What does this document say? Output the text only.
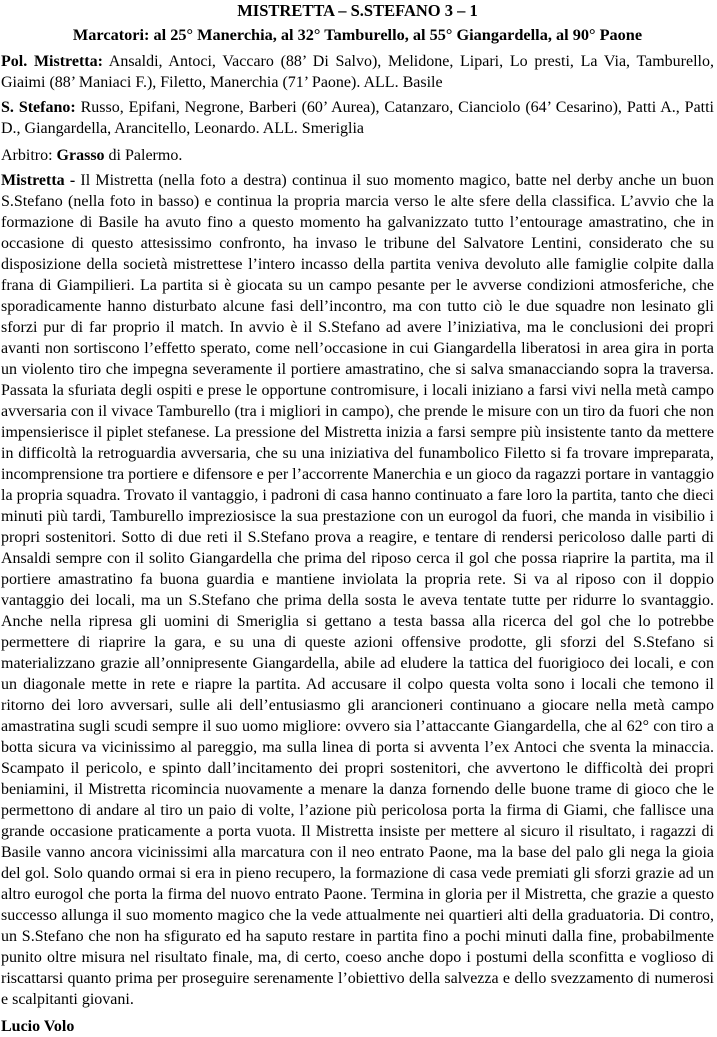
MISTRETTA – S.STEFANO 3 – 1
Marcatori: al 25° Manerchia, al 32° Tamburello, al 55° Giangardella, al 90° Paone

Pol. Mistretta: Ansaldi, Antoci, Vaccaro (88’ Di Salvo), Melidone, Lipari, Lo presti, La Via, Tamburello, Giaimi (88’ Maniaci F.), Filetto, Manerchia (71’ Paone). ALL. Basile

S. Stefano: Russo, Epifani, Negrone, Barberi (60’ Aurea), Catanzaro, Cianciolo (64’ Cesarino), Patti A., Patti D., Giangardella, Arancitello, Leonardo. ALL. Smeriglia

Arbitro: Grasso di Palermo.

Mistretta - Il Mistretta (nella foto a destra) continua il suo momento magico, batte nel derby anche un buon S.Stefano (nella foto in basso) e continua la propria marcia verso le alte sfere della classifica. L’avvio che la formazione di Basile ha avuto fino a questo momento ha galvanizzato tutto l’entourage amastratino, che in occasione di questo attesissimo confronto, ha invaso le tribune del Salvatore Lentini, considerato che su disposizione della società mistrettese l’intero incasso della partita veniva devoluto alle famiglie colpite dalla frana di Giampilieri. La partita si è giocata su un campo pesante per le avverse condizioni atmosferiche, che sporadicamente hanno disturbato alcune fasi dell’incontro, ma con tutto ciò le due squadre non lesinato gli sforzi pur di far proprio il match. In avvio è il S.Stefano ad avere l’iniziativa, ma le conclusioni dei propri avanti non sortiscono l’effetto sperato, come nell’occasione in cui Giangardella liberatosi in area gira in porta un violento tiro che impegna severamente il portiere amastratino, che si salva smanacciando sopra la traversa. Passata la sfuriata degli ospiti e prese le opportune contromisure, i locali iniziano a farsi vivi nella metà campo avversaria con il vivace Tamburello (tra i migliori in campo), che prende le misure con un tiro da fuori che non impensierisce il piplet stefanese. La pressione del Mistretta inizia a farsi sempre più insistente tanto da mettere in difficoltà la retroguardia avversaria, che su una iniziativa del funambolico Filetto si fa trovare impreparata, incomprensione tra portiere e difensore e per l’accorrente Manerchia e un gioco da ragazzi portare in vantaggio la propria squadra. Trovato il vantaggio, i padroni di casa hanno continuato a fare loro la partita, tanto che dieci minuti più tardi, Tamburello impreziosisce la sua prestazione con un eurogol da fuori, che manda in visibilio i propri sostenitori. Sotto di due reti il S.Stefano prova a reagire, e tentare di rendersi pericoloso dalle parti di Ansaldi sempre con il solito Giangardella che prima del riposo cerca il gol che possa riaprire la partita, ma il portiere amastratino fa buona guardia e mantiene inviolata la propria rete. Si va al riposo con il doppio vantaggio dei locali, ma un S.Stefano che prima della sosta le aveva tentate tutte per ridurre lo svantaggio. Anche nella ripresa gli uomini di Smeriglia si gettano a testa bassa alla ricerca del gol che lo potrebbe permettere di riaprire la gara, e su una di queste azioni offensive prodotte, gli sforzi del S.Stefano si materializzano grazie all’onnipresente Giangardella, abile ad eludere la tattica del fuorigioco dei locali, e con un diagonale mette in rete e riapre la partita. Ad accusare il colpo questa volta sono i locali che temono il ritorno dei loro avversari, sulle ali dell’entusiasmo gli arancioneri continuano a giocare nella metà campo amastratina sugli scudi sempre il suo uomo migliore: ovvero sia l’attaccante Giangardella, che al 62° con tiro a botta sicura va vicinissimo al pareggio, ma sulla linea di porta si avventa l’ex Antoci che sventa la minaccia. Scampato il pericolo, e spinto dall’incitamento dei propri sostenitori, che avvertono le difficoltà dei propri beniamini, il Mistretta ricomincia nuovamente a menare la danza fornendo delle buone trame di gioco che le permettono di andare al tiro un paio di volte, l’azione più pericolosa porta la firma di Giami, che fallisce una grande occasione praticamente a porta vuota. Il Mistretta insiste per mettere al sicuro il risultato, i ragazzi di Basile vanno ancora vicinissimi alla marcatura con il neo entrato Paone, ma la base del palo gli nega la gioia del gol. Solo quando ormai si era in pieno recupero, la formazione di casa vede premiati gli sforzi grazie ad un altro eurogol che porta la firma del nuovo entrato Paone. Termina in gloria per il Mistretta, che grazie a questo successo allunga il suo momento magico che la vede attualmente nei quartieri alti della graduatoria. Di contro, un S.Stefano che non ha sfigurato ed ha saputo restare in partita fino a pochi minuti dalla fine, probabilmente punito oltre misura nel risultato finale, ma, di certo, coeso anche dopo i postumi della sconfitta e voglioso di riscattarsi quanto prima per proseguire serenamente l’obiettivo della salvezza e dello svezzamento di numerosi e scalpitanti giovani.

Lucio Volo
